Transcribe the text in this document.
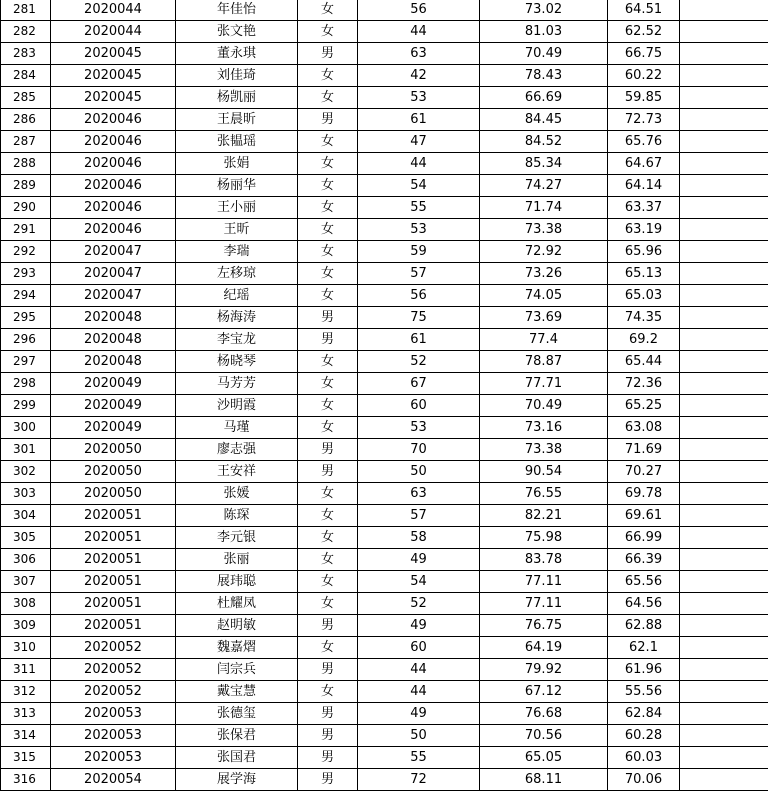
281	2020044	年佳怡	女	56	73.02	64.51	
282	2020044	张文艳	女	44	81.03	62.52	
283	2020045	董永琪	男	63	70.49	66.75	
284	2020045	刘佳琦	女	42	78.43	60.22	
285	2020045	杨凯丽	女	53	66.69	59.85	
286	2020046	王晨昕	男	61	84.45	72.73	
287	2020046	张韫瑶	女	47	84.52	65.76	
288	2020046	张娟	女	44	85.34	64.67	
289	2020046	杨丽华	女	54	74.27	64.14	
290	2020046	王小丽	女	55	71.74	63.37	
291	2020046	王昕	女	53	73.38	63.19	
292	2020047	李瑞	女	59	72.92	65.96	
293	2020047	左移琼	女	57	73.26	65.13	
294	2020047	纪瑶	女	56	74.05	65.03	
295	2020048	杨海涛	男	75	73.69	74.35	
296	2020048	李宝龙	男	61	77.4	69.2	
297	2020048	杨晓琴	女	52	78.87	65.44	
298	2020049	马芳芳	女	67	77.71	72.36	
299	2020049	沙明霞	女	60	70.49	65.25	
300	2020049	马瑾	女	53	73.16	63.08	
301	2020050	廖志强	男	70	73.38	71.69	
302	2020050	王安祥	男	50	90.54	70.27	
303	2020050	张媛	女	63	76.55	69.78	
304	2020051	陈琛	女	57	82.21	69.61	
305	2020051	李元银	女	58	75.98	66.99	
306	2020051	张丽	女	49	83.78	66.39	
307	2020051	展玮聪	女	54	77.11	65.56	
308	2020051	杜耀凤	女	52	77.11	64.56	
309	2020051	赵明敏	男	49	76.75	62.88	
310	2020052	魏嘉熠	女	60	64.19	62.1	
311	2020052	闫宗兵	男	44	79.92	61.96	
312	2020052	戴宝慧	女	44	67.12	55.56	
313	2020053	张德玺	男	49	76.68	62.84	
314	2020053	张保君	男	50	70.56	60.28	
315	2020053	张国君	男	55	65.05	60.03	
316	2020054	展学海	男	72	68.11	70.06	
